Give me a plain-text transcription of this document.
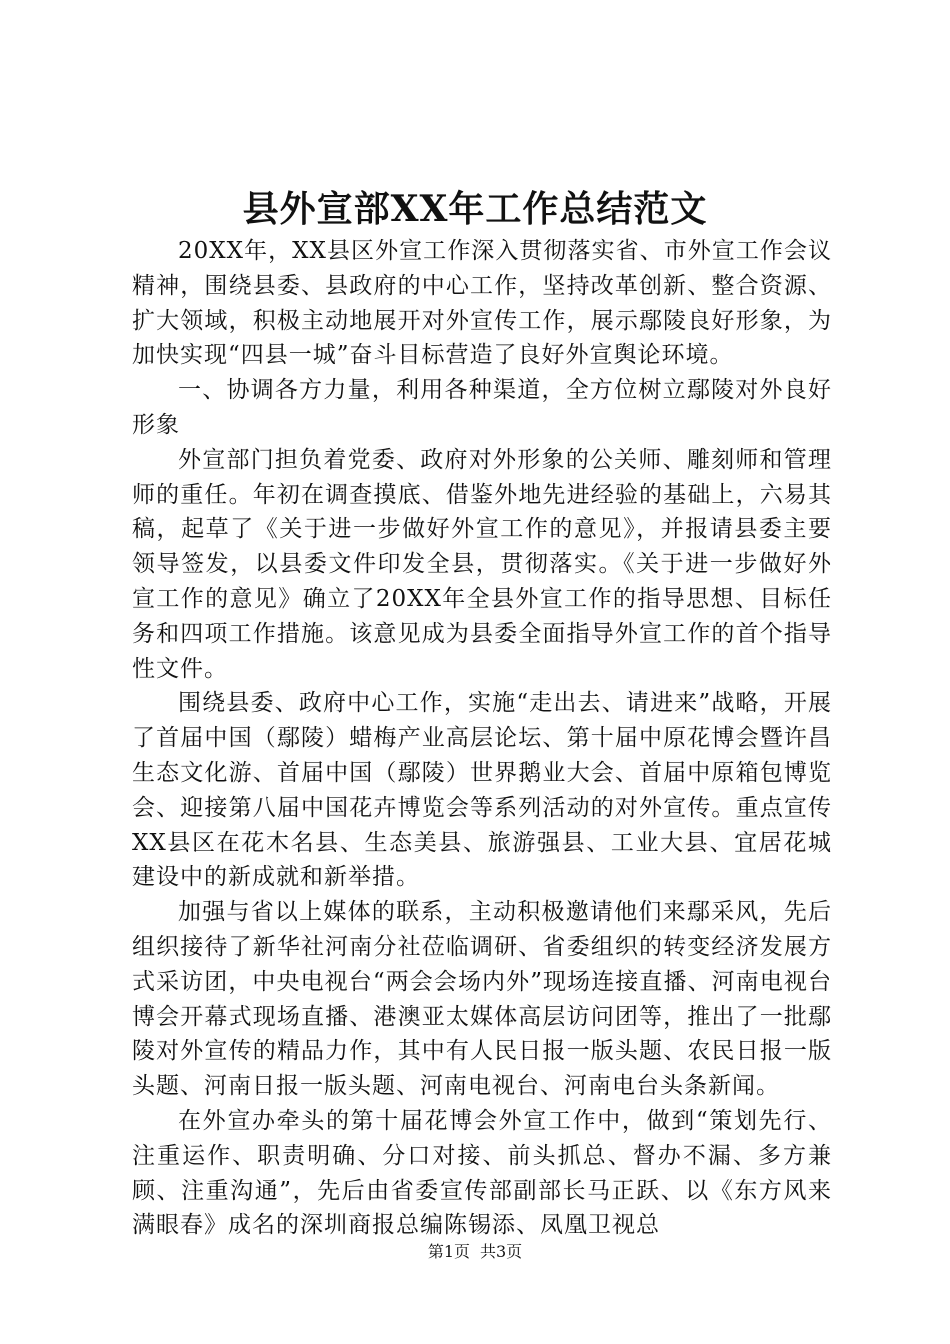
县外宣部XX年工作总结范文

20XX年，XX县区外宣工作深入贯彻落实省、市外宣工作会议精神，围绕县委、县政府的中心工作，坚持改革创新、整合资源、扩大领域，积极主动地展开对外宣传工作，展示鄢陵良好形象，为加快实现“四县一城”奋斗目标营造了良好外宣舆论环境。

一、协调各方力量，利用各种渠道，全方位树立鄢陵对外良好形象

外宣部门担负着党委、政府对外形象的公关师、雕刻师和管理师的重任。年初在调查摸底、借鉴外地先进经验的基础上，六易其稿，起草了《关于进一步做好外宣工作的意见》，并报请县委主要领导签发，以县委文件印发全县，贯彻落实。《关于进一步做好外宣工作的意见》确立了20XX年全县外宣工作的指导思想、目标任务和四项工作措施。该意见成为县委全面指导外宣工作的首个指导性文件。

围绕县委、政府中心工作，实施“走出去、请进来”战略，开展了首届中国（鄢陵）蜡梅产业高层论坛、第十届中原花博会暨许昌生态文化游、首届中国（鄢陵）世界鹅业大会、首届中原箱包博览会、迎接第八届中国花卉博览会等系列活动的对外宣传。重点宣传XX县区在花木名县、生态美县、旅游强县、工业大县、宜居花城建设中的新成就和新举措。

加强与省以上媒体的联系，主动积极邀请他们来鄢采风，先后组织接待了新华社河南分社莅临调研、省委组织的转变经济发展方式采访团，中央电视台“两会会场内外”现场连接直播、河南电视台博会开幕式现场直播、港澳亚太媒体高层访问团等，推出了一批鄢陵对外宣传的精品力作，其中有人民日报一版头题、农民日报一版头题、河南日报一版头题、河南电视台、河南电台头条新闻。

在外宣办牵头的第十届花博会外宣工作中，做到“策划先行、注重运作、职责明确、分口对接、前头抓总、督办不漏、多方兼顾、注重沟通”，先后由省委宣传部副部长马正跃、以《东方风来满眼春》成名的深圳商报总编陈锡添、凤凰卫视总

第1页 共3页
